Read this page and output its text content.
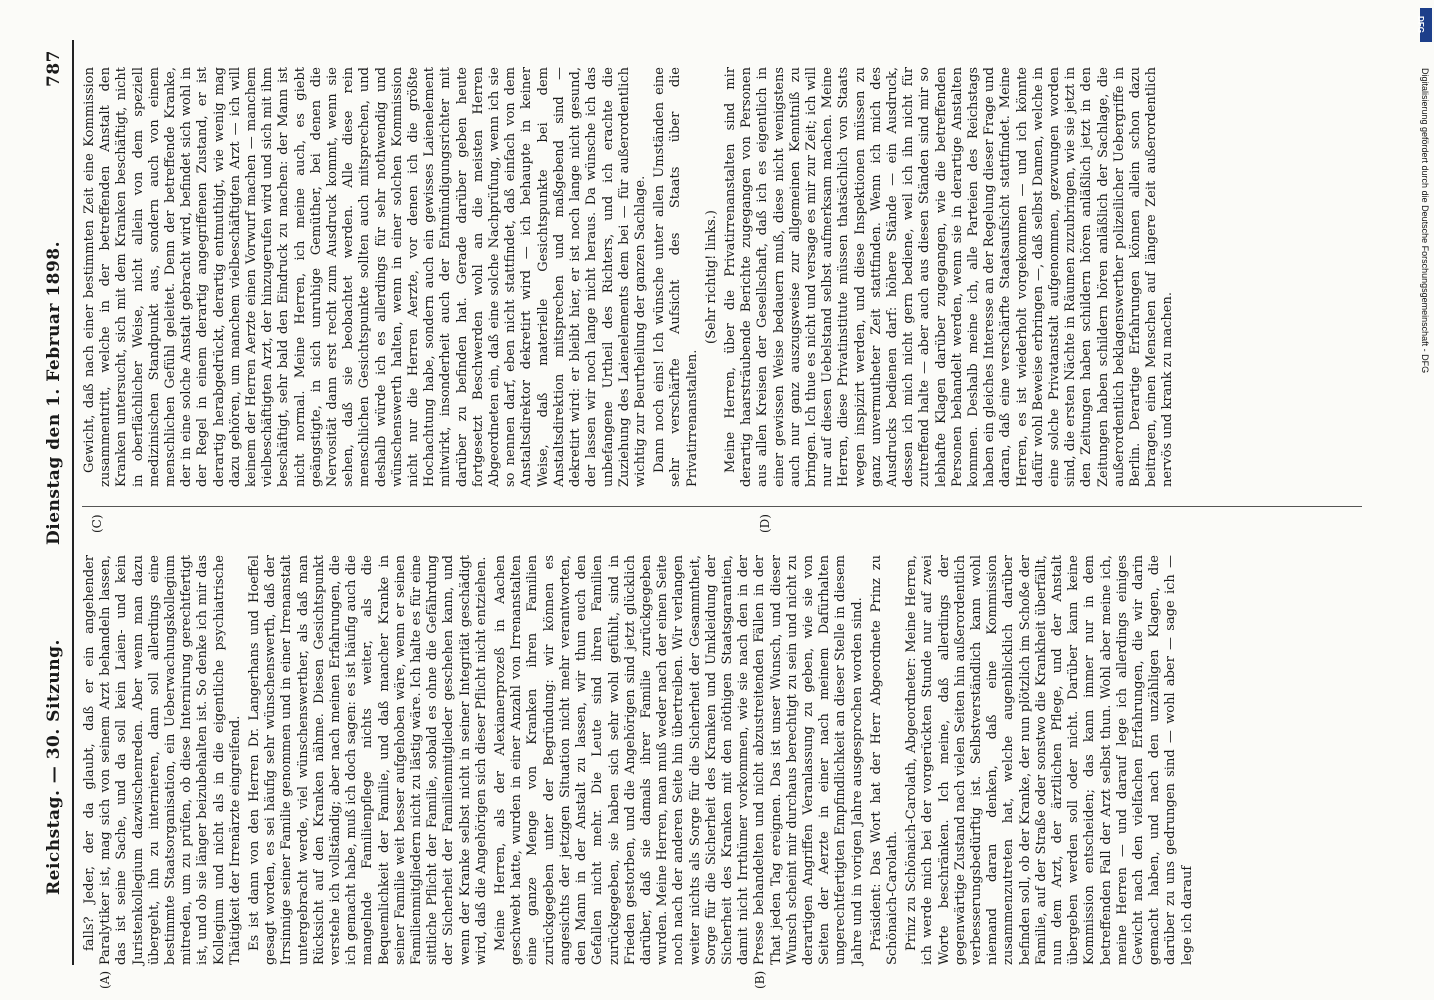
Reichstag. — 30. Sitzung.
Dienstag den 1. Februar 1898.
787
(A)	(B)
(C)	(D)

falls? Jeder, der da glaubt, daß er ein angehender Paralytiker ist, mag sich von seinem Arzt behandeln lassen, das ist seine Sache, und da soll kein Laien- und kein Juristenkollegium dazwischenreden. Aber wenn man dazu übergeht, ihn zu internieren, dann soll allerdings eine bestimmte Staatsorganisation, ein Ueberwachungskollegium mitreden, um zu prüfen, ob diese Internirung gerechtfertigt ist, und ob sie länger beizubehalten ist. So denke ich mir das Kollegium und nicht als in die eigentliche psychiatrische Thätigkeit der Irrenärzte eingreifend. Es ist dann von den Herren Dr. Langerhans und Hoeffel gesagt worden, es sei häufig sehr wünschenswerth, daß der Irrsinnige seiner Familie genommen und in einer Irrenanstalt untergebracht werde, viel wünschenswerther, als daß man Rücksicht auf den Kranken nähme. Diesen Gesichtspunkt verstehe ich vollständig; aber nach meinen Erfahrungen, die ich gemacht habe, muß ich doch sagen: es ist häufig auch die mangelnde Familienpflege nichts weiter, als die Bequemlichkeit der Familie, und daß mancher Kranke in seiner Familie weit besser aufgehoben wäre, wenn er seinen Familienmitgliedern nicht zu lästig wäre. Ich halte es für eine sittliche Pflicht der Familie, sobald es ohne die Gefährdung der Sicherheit der Familienmitglieder geschehen kann, und wenn der Kranke selbst nicht in seiner Integrität geschädigt wird, daß die Angehörigen sich dieser Pflicht nicht entziehen. Meine Herren, als der Alexianerprozeß in Aachen geschwebt hatte, wurden in einer Anzahl von Irrenanstalten eine ganze Menge von Kranken ihren Familien zurückgegeben unter der Begründung: wir können es angesichts der jetzigen Situation nicht mehr verantworten, den Mann in der Anstalt zu lassen, wir thun euch den Gefallen nicht mehr. Die Leute sind ihren Familien zurückgegeben, sie haben sich sehr wohl gefühlt, sind in Frieden gestorben, und die Angehörigen sind jetzt glücklich darüber, daß sie damals ihrer Familie zurückgegeben wurden. Meine Herren, man muß weder nach der einen Seite noch nach der anderen Seite hin übertreiben. Wir verlangen weiter nichts als Sorge für die Sicherheit der Gesammtheit, Sorge für die Sicherheit des Kranken und Umkleidung der Sicherheit des Kranken mit den nöthigen Staatsgarantien, damit nicht Irrthümer vorkommen, wie sie nach den in der Presse behandelten und nicht abzustreitenden Fällen in der That jeden Tag ereignen. Das ist unser Wunsch, und dieser Wunsch scheint mir durchaus berechtigt zu sein und nicht zu derartigen Angriffen Veranlassung zu geben, wie sie von Seiten der Aerzte in einer nach meinem Dafürhalten ungerechtfertigten Empfindlichkeit an dieser Stelle in diesem Jahre und in vorigen Jahre ausgesprochen worden sind. Präsident: Das Wort hat der Herr Abgeordnete Prinz zu Schönaich-Carolath. Prinz zu Schönaich-Carolath, Abgeordneter: Meine Herren, ich werde mich bei der vorgerückten Stunde nur auf zwei Worte beschränken. Ich meine, daß allerdings der gegenwärtige Zustand nach vielen Seiten hin außerordentlich verbesserungsbedürftig ist. Selbstverständlich kann wohl niemand daran denken, daß eine Kommission zusammenzutreten hat, welche augenblicklich darüber befinden soll, ob der Kranke, der nun plötzlich im Schoße der Familie, auf der Straße oder sonstwo die Krankheit überfällt, nun dem Arzt, der ärztlichen Pflege, und der Anstalt übergeben werden soll oder nicht. Darüber kann keine Kommission entscheiden; das kann immer nur in dem betreffenden Fall der Arzt selbst thun. Wohl aber meine ich, meine Herren — und darauf lege ich allerdings einiges Gewicht nach den vielfachen Erfahrungen, die wir darin gemacht haben, und nach den unzähligen Klagen, die darüber zu uns gedrungen sind — wohl aber — sage ich — lege ich darauf

Gewicht, daß nach einer bestimmten Zeit eine Kommission zusammentritt, welche in der betreffenden Anstalt den Kranken untersucht, sich mit dem Kranken beschäftigt, nicht in oberflächlicher Weise, nicht allein von dem speziell medizinischen Standpunkt aus, sondern auch von einem menschlichen Gefühl geleitet. Denn der betreffende Kranke, der in eine solche Anstalt gebracht wird, befindet sich wohl in der Regel in einem derartig angegriffenen Zustand, er ist derartig herabgedrückt, derartig entmuthigt, wie wenig mag dazu gehören, um manchem vielbeschäftigten Arzt — ich will keinem der Herren Aerzte einen Vorwurf machen — manchem vielbeschäftigten Arzt, der hinzugerufen wird und sich mit ihm beschäftigt, sehr bald den Eindruck zu machen: der Mann ist nicht normal. Meine Herren, ich meine auch, es giebt geängstigte, in sich unruhige Gemüther, bei denen die Nervosität dann erst recht zum Ausdruck kommt, wenn sie sehen, daß sie beobachtet werden. Alle diese rein menschlichen Gesichtspunkte sollten auch mitsprechen, und deshalb würde ich es allerdings für sehr nothwendig und wünschenswerth halten, wenn in einer solchen Kommission nicht nur die Herren Aerzte, vor denen ich die größte Hochachtung habe, sondern auch ein gewisses Laienelement mitwirkt, insonderheit auch der Entmündigungsrichter mit darüber zu befinden hat. Gerade darüber geben heute fortgesetzt Beschwerden wohl an die meisten Herren Abgeordneten ein, daß eine solche Nachprüfung, wenn ich sie so nennen darf, eben nicht stattfindet, daß einfach von dem Anstaltsdirektor dekretirt wird — ich behaupte in keiner Weise, daß materielle Gesichtspunkte bei dem Anstaltsdirektion mitsprechen und maßgebend sind — dekretirt wird: er bleibt hier, er ist noch lange nicht gesund, der lassen wir noch lange nicht heraus. Da wünsche ich das unbefangene Urtheil des Richters, und ich erachte die Zuziehung des Laienelements dem bei — für außerordentlich wichtig zur Beurtheilung der ganzen Sachlage. Dann noch eins! Ich wünsche unter allen Umständen eine sehr verschärfte Aufsicht des Staats über die Privatirrenanstalten.

(Sehr richtig! links.) Meine Herren, über die Privatirrenanstalten sind mir derartig haarsträubende Berichte zugegangen von Personen aus allen Kreisen der Gesellschaft, daß ich es eigentlich in einer gewissen Weise bedauern muß, diese nicht wenigstens auch nur ganz auszugsweise zur allgemeinen Kenntniß zu bringen. Ich thue es nicht und versage es mir zur Zeit; ich will nur auf diesen Uebelstand selbst aufmerksam machen. Meine Herren, diese Privatinstitute müssen thatsächlich von Staats wegen inspizirt werden, und diese Inspektionen müssen zu ganz unvermutheter Zeit stattfinden. Wenn ich mich des Ausdrucks bedienen darf: höhere Stände — ein Ausdruck, dessen ich mich nicht gern bediene, weil ich ihn nicht für zutreffend halte — aber auch aus diesen Ständen sind mir so lebhafte Klagen darüber zugegangen, wie die betreffenden Personen behandelt werden, wenn sie in derartige Anstalten kommen. Deshalb meine ich, alle Parteien des Reichstags haben ein gleiches Interesse an der Regelung dieser Frage und daran, daß eine verschärfte Staatsaufsicht stattfindet. Meine Herren, es ist wiederholt vorgekommen — und ich könnte dafür wohl Beweise erbringen —, daß selbst Damen, welche in eine solche Privatanstalt aufgenommen, gezwungen worden sind, die ersten Nächte in Räumen zuzubringen, wie sie jetzt in den Zeitungen haben schildern hören anläßlich jetzt in den Zeitungen haben schildern hören anläßlich der Sachlage, die außerordentlich beklagenswerther polizeilicher Uebergriffe in Berlin. Derartige Erfahrungen können allein schon dazu beitragen, einen Menschen auf längere Zeit außerordentlich nervös und krank zu machen.

DFG
Digitalisierung gefördert durch die Deutsche Forschungsgemeinschaft - DFG
